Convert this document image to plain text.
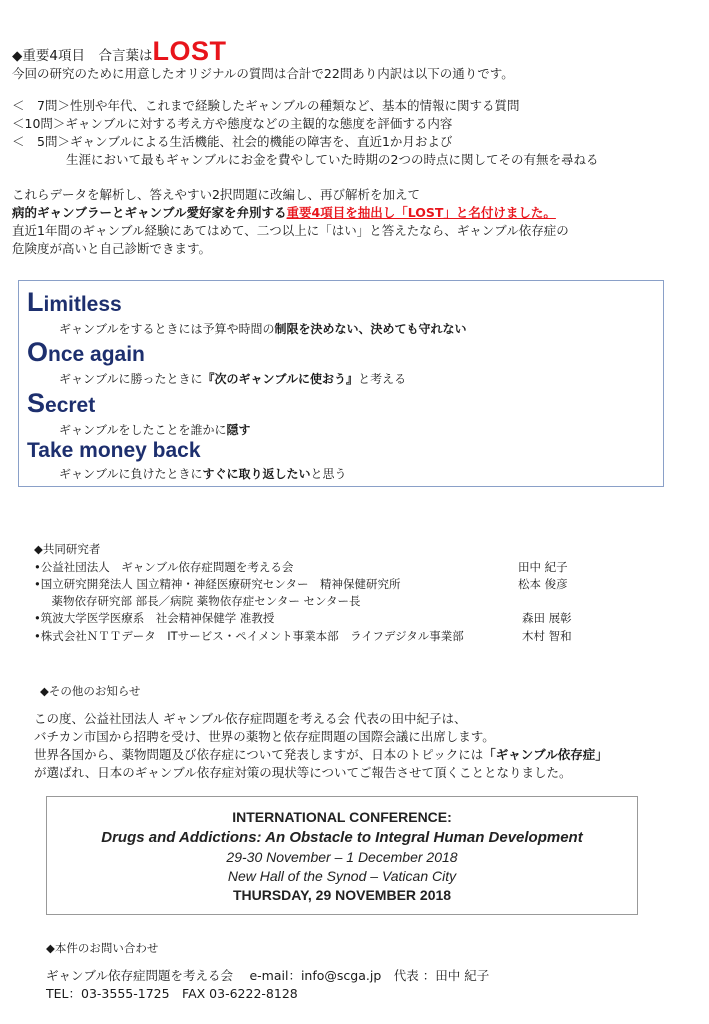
◆重要4項目　合言葉はLOST
今回の研究のために用意したオリジナルの質問は合計で22問あり内訳は以下の通りです。
＜　7問＞性別や年代、これまで経験したギャンブルの種類など、基本的情報に関する質問
＜10問＞ギャンブルに対する考え方や態度などの主観的な態度を評価する内容
＜　5問＞ギャンブルによる生活機能、社会的機能の障害を、直近1か月および
生涯において最もギャンブルにお金を費やしていた時期の2つの時点に関してその有無を尋ねる
これらデータを解析し、答えやすい2択問題に改編し、再び解析を加えて
病的ギャンブラーとギャンブル愛好家を弁別する重要4項目を抽出し「LOST」と名付けました。
直近1年間のギャンブル経験にあてはめて、二つ以上に「はい」と答えたなら、ギャンブル依存症の
危険度が高いと自己診断できます。
Limitless
ギャンブルをするときには予算や時間の制限を決めない、決めても守れない
Once again
ギャンブルに勝ったときに『次のギャンブルに使おう』と考える
Secret
ギャンブルをしたことを誰かに隠す
Take money back
ギャンブルに負けたときにすぐに取り返したいと思う
◆共同研究者
•公益社団法人　ギャンブル依存症問題を考える会	田中 紀子
•国立研究開発法人 国立精神・神経医療研究センター　精神保健研究所	松本 俊彦
　薬物依存研究部 部長／病院 薬物依存症センター センター長
•筑波大学医学医療系　社会精神保健学 准教授	森田 展彰
•株式会社ＮＴＴデータ　ITサービス・ペイメント事業本部　ライフデジタル事業部	木村 智和
◆その他のお知らせ
この度、公益社団法人 ギャンブル依存症問題を考える会 代表の田中紀子は、
バチカン市国から招聘を受け、世界の薬物と依存症問題の国際会議に出席します。
世界各国から、薬物問題及び依存症について発表しますが、日本のトピックには「ギャンブル依存症」
が選ばれ、日本のギャンブル依存症対策の現状等についてご報告させて頂くこととなりました。
INTERNATIONAL CONFERENCE:
Drugs and Addictions: An Obstacle to Integral Human Development
29-30 November – 1 December 2018
New Hall of the Synod – Vatican City
THURSDAY, 29 NOVEMBER 2018
◆本件のお問い合わせ
ギャンブル依存症問題を考える会　 e-mail：info@scga.jp　代表 ：田中 紀子
TEL：03-3555-1725　FAX 03-6222-8128
